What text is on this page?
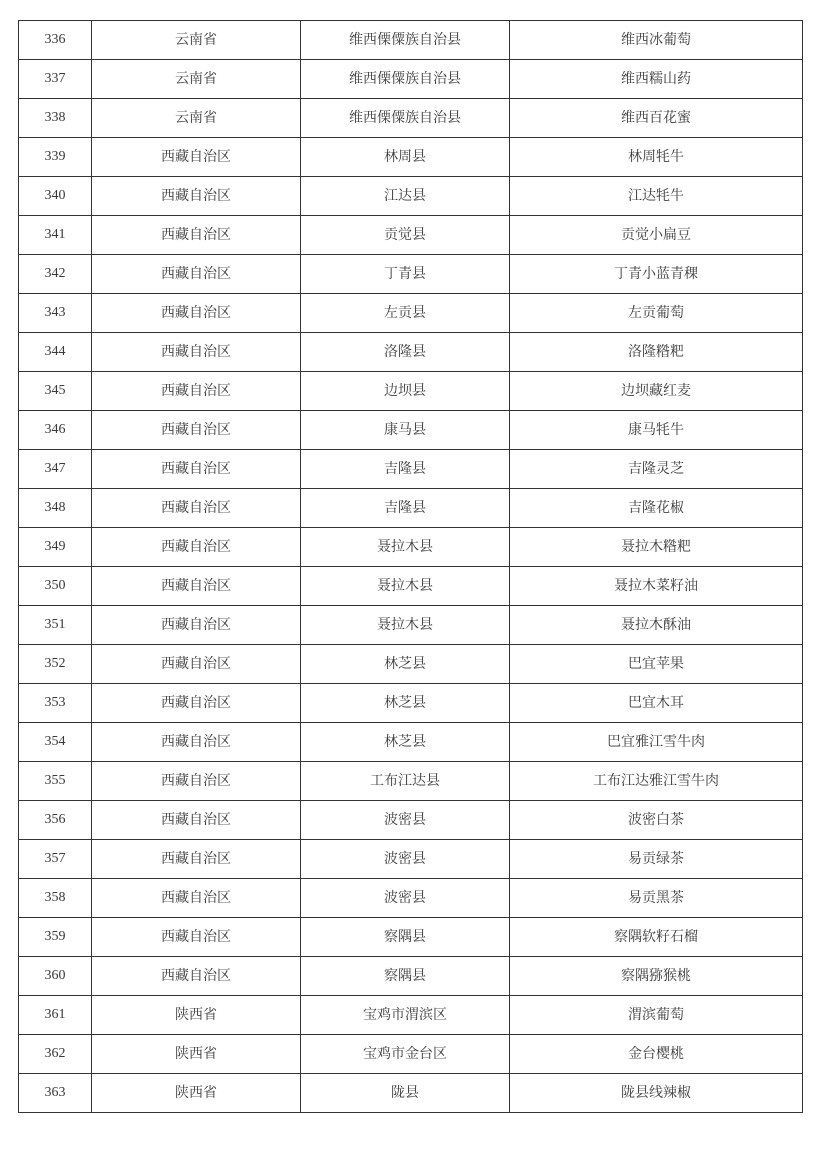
336	云南省	维西傈僳族自治县	维西冰葡萄
337	云南省	维西傈僳族自治县	维西糯山药
338	云南省	维西傈僳族自治县	维西百花蜜
339	西藏自治区	林周县	林周牦牛
340	西藏自治区	江达县	江达牦牛
341	西藏自治区	贡觉县	贡觉小扁豆
342	西藏自治区	丁青县	丁青小蓝青稞
343	西藏自治区	左贡县	左贡葡萄
344	西藏自治区	洛隆县	洛隆糌粑
345	西藏自治区	边坝县	边坝藏红麦
346	西藏自治区	康马县	康马牦牛
347	西藏自治区	吉隆县	吉隆灵芝
348	西藏自治区	吉隆县	吉隆花椒
349	西藏自治区	聂拉木县	聂拉木糌粑
350	西藏自治区	聂拉木县	聂拉木菜籽油
351	西藏自治区	聂拉木县	聂拉木酥油
352	西藏自治区	林芝县	巴宜苹果
353	西藏自治区	林芝县	巴宜木耳
354	西藏自治区	林芝县	巴宜雅江雪牛肉
355	西藏自治区	工布江达县	工布江达雅江雪牛肉
356	西藏自治区	波密县	波密白茶
357	西藏自治区	波密县	易贡绿茶
358	西藏自治区	波密县	易贡黑茶
359	西藏自治区	察隅县	察隅软籽石榴
360	西藏自治区	察隅县	察隅猕猴桃
361	陕西省	宝鸡市渭滨区	渭滨葡萄
362	陕西省	宝鸡市金台区	金台樱桃
363	陕西省	陇县	陇县线辣椒
